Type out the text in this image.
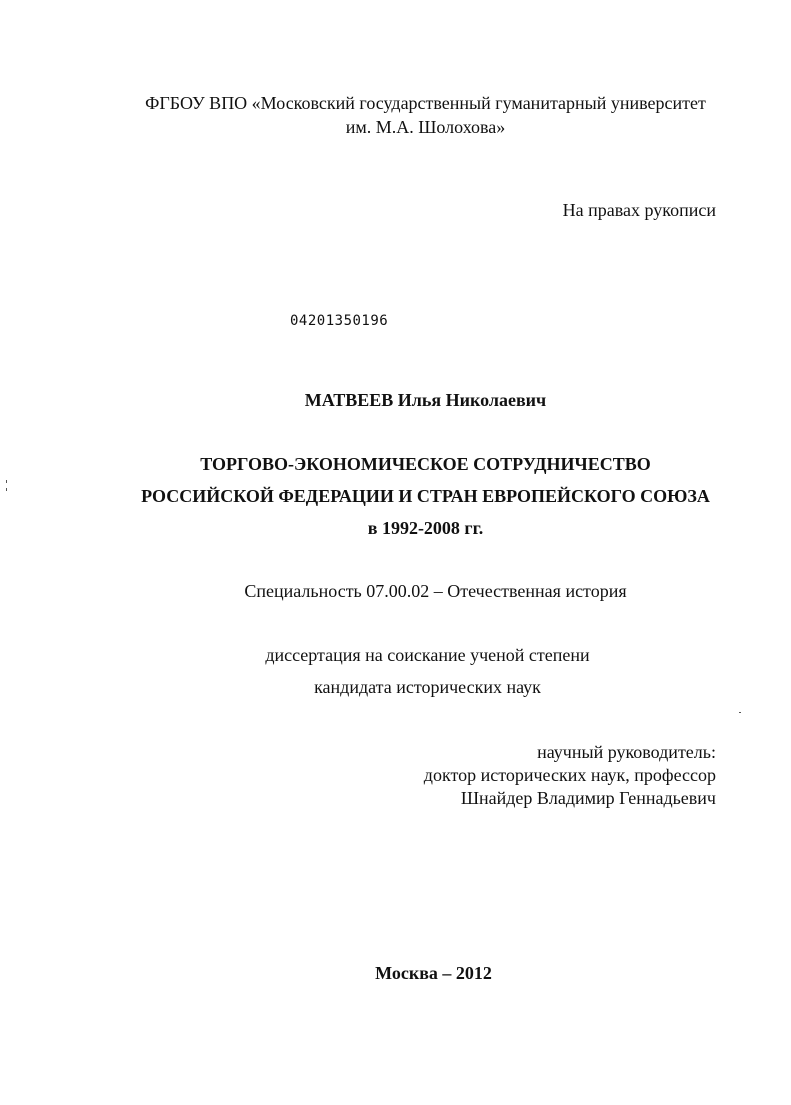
ФГБОУ ВПО «Московский государственный гуманитарный университет
им. М.А. Шолохова»
На правах рукописи
04201350196
МАТВЕЕВ Илья Николаевич
ТОРГОВО-ЭКОНОМИЧЕСКОЕ СОТРУДНИЧЕСТВО
РОССИЙСКОЙ ФЕДЕРАЦИИ И СТРАН ЕВРОПЕЙСКОГО СОЮЗА
в 1992-2008 гг.
Специальность 07.00.02 – Отечественная история
диссертация на соискание ученой степени
кандидата исторических наук
научный руководитель:
доктор исторических наук, профессор
Шнайдер Владимир Геннадьевич
Москва – 2012
